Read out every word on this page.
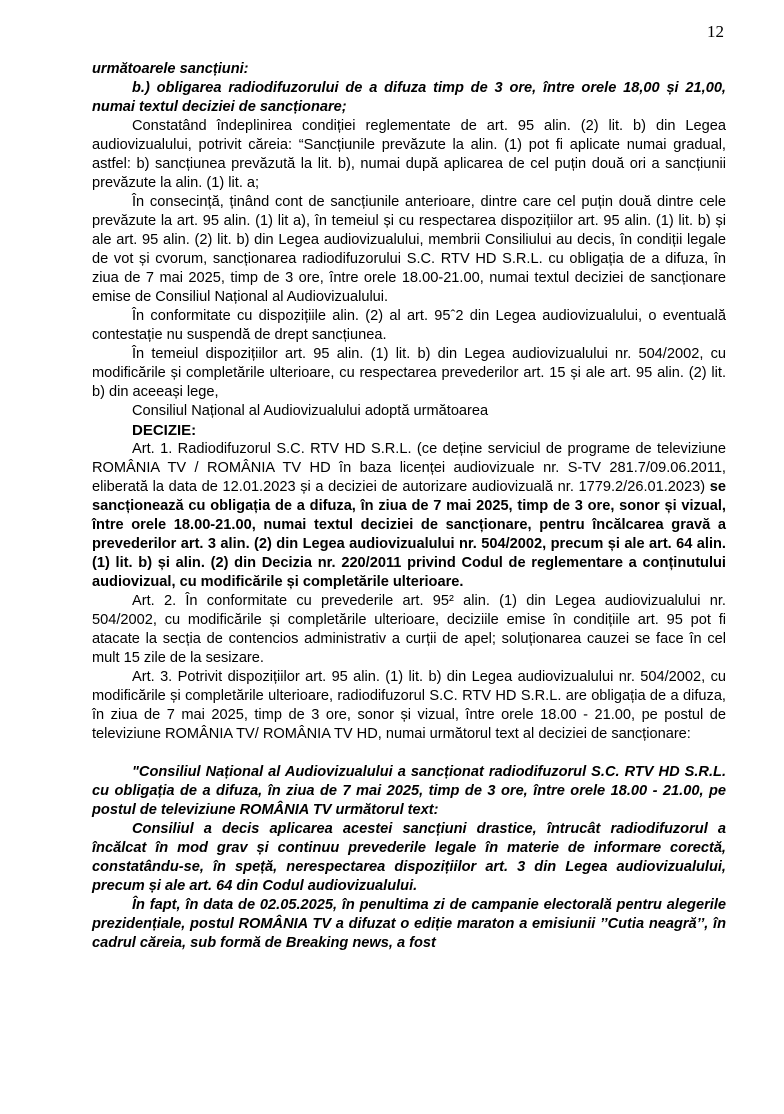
12

următoarele sancțiuni:

b.) obligarea radiodifuzorului de a difuza timp de 3 ore, între orele 18,00 și 21,00, numai textul deciziei de sancționare;

Constatând îndeplinirea condiției reglementate de art. 95 alin. (2) lit. b) din Legea audiovizualului, potrivit căreia: “Sancțiunile prevăzute la alin. (1) pot fi aplicate numai gradual, astfel: b) sancțiunea prevăzută la lit. b), numai după aplicarea de cel puțin două ori a sancțiunii prevăzute la alin. (1) lit. a;

În consecință, ținând cont de sancțiunile anterioare, dintre care cel puțin două dintre cele prevăzute la art. 95 alin. (1) lit a), în temeiul și cu respectarea dispozițiilor art. 95 alin. (1) lit. b) și ale art. 95 alin. (2) lit. b) din Legea audiovizualului, membrii Consiliului au decis, în condiții legale de vot și cvorum, sancționarea radiodifuzorului S.C. RTV HD S.R.L. cu obligația de a difuza, în ziua de 7 mai 2025, timp de 3 ore, între orele 18.00-21.00, numai textul deciziei de sancționare emise de Consiliul Național al Audiovizualului.

În conformitate cu dispozițiile alin. (2) al art. 95ˆ2 din Legea audiovizualului, o eventuală contestație nu suspendă de drept sancțiunea.

În temeiul dispozițiilor art. 95 alin. (1) lit. b) din Legea audiovizualului nr. 504/2002, cu modificările și completările ulterioare, cu respectarea prevederilor art. 15 și ale art. 95 alin. (2) lit. b) din aceeași lege,

Consiliul Național al Audiovizualului adoptă următoarea

DECIZIE:

Art. 1. Radiodifuzorul S.C. RTV HD S.R.L. (ce deține serviciul de programe de televiziune ROMÂNIA TV / ROMÂNIA TV HD în baza licenței audiovizuale nr. S-TV 281.7/09.06.2011, eliberată la data de 12.01.2023 și a deciziei de autorizare audiovizuală nr. 1779.2/26.01.2023) se sancționează cu obligația de a difuza, în ziua de 7 mai 2025, timp de 3 ore, sonor și vizual, între orele 18.00-21.00, numai textul deciziei de sancționare, pentru încălcarea gravă a prevederilor art. 3 alin. (2) din Legea audiovizualului nr. 504/2002, precum și ale art. 64 alin. (1) lit. b) și alin. (2) din Decizia nr. 220/2011 privind Codul de reglementare a conținutului audiovizual, cu modificările și completările ulterioare.

Art. 2. În conformitate cu prevederile art. 95² alin. (1) din Legea audiovizualului nr. 504/2002, cu modificările și completările ulterioare, deciziile emise în condițiile art. 95 pot fi atacate la secția de contencios administrativ a curții de apel; soluționarea cauzei se face în cel mult 15 zile de la sesizare.

Art. 3. Potrivit dispozițiilor art. 95 alin. (1) lit. b) din Legea audiovizualului nr. 504/2002, cu modificările și completările ulterioare, radiodifuzorul S.C. RTV HD S.R.L. are obligația de a difuza, în ziua de 7 mai 2025, timp de 3 ore, sonor și vizual, între orele 18.00 - 21.00, pe postul de televiziune ROMÂNIA TV/ ROMÂNIA TV HD, numai următorul text al deciziei de sancționare:

"Consiliul Național al Audiovizualului a sancționat radiodifuzorul S.C. RTV HD S.R.L. cu obligația de a difuza, în ziua de 7 mai 2025, timp de 3 ore, între orele 18.00 - 21.00, pe postul de televiziune ROMÂNIA TV următorul text:

Consiliul a decis aplicarea acestei sancțiuni drastice, întrucât radiodifuzorul a încălcat în mod grav și continuu prevederile legale în materie de informare corectă, constatându-se, în speță, nerespectarea dispozițiilor art. 3 din Legea audiovizualului, precum și ale art. 64 din Codul audiovizualului.

În fapt, în data de 02.05.2025, în penultima zi de campanie electorală pentru alegerile prezidențiale, postul ROMÂNIA TV a difuzat o ediție maraton a emisiunii ’’Cutia neagră’’, în cadrul căreia, sub formă de Breaking news, a fost
